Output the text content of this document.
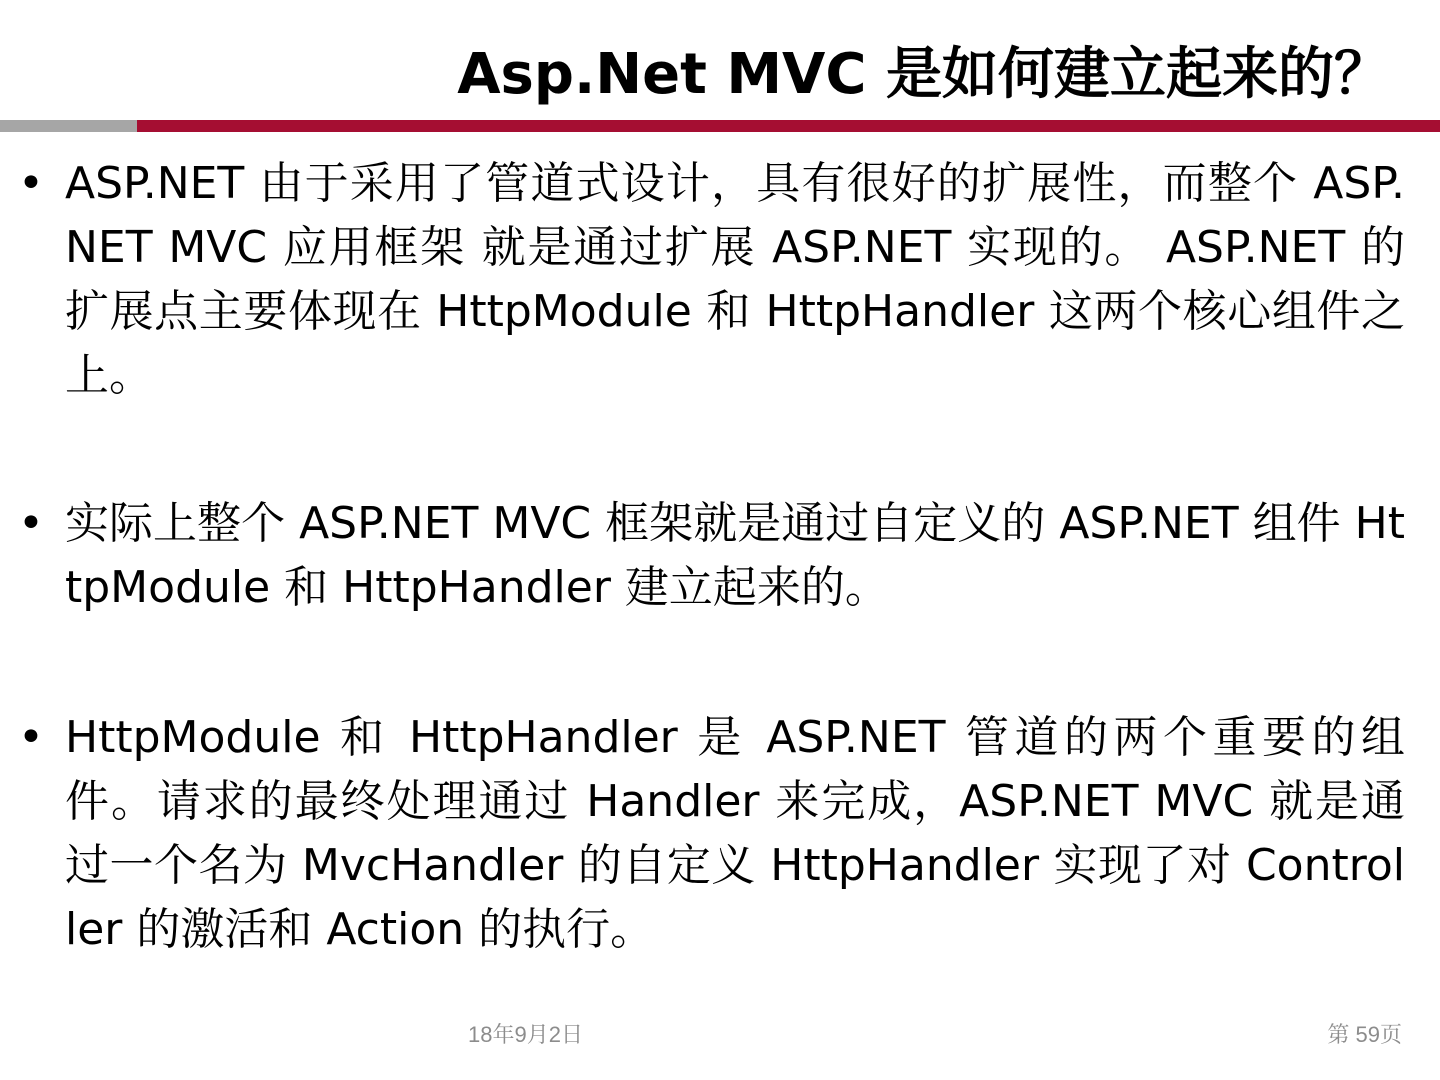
Asp.Net MVC 是如何建立起来的？
• ASP.NET 由于采用了管道式设计，具有很好的扩展性，而整个 ASP.NET MVC 应用框架 就是通过扩展 ASP.NET 实现的。 ASP.NET 的扩展点主要体现在 HttpModule 和 HttpHandler 这两个核心组件之上。
• 实际上整个 ASP.NET MVC 框架就是通过自定义的 ASP.NET 组件 HttpModule 和 HttpHandler 建立起来的。
• HttpModule 和 HttpHandler 是 ASP.NET 管道的两个重要的组件。请求的最终处理通过 Handler 来完成，ASP.NET MVC 就是通过一个名为 MvcHandler 的自定义 HttpHandler 实现了对 Controller 的激活和 Action 的执行。
18年9月2日	第 59页
